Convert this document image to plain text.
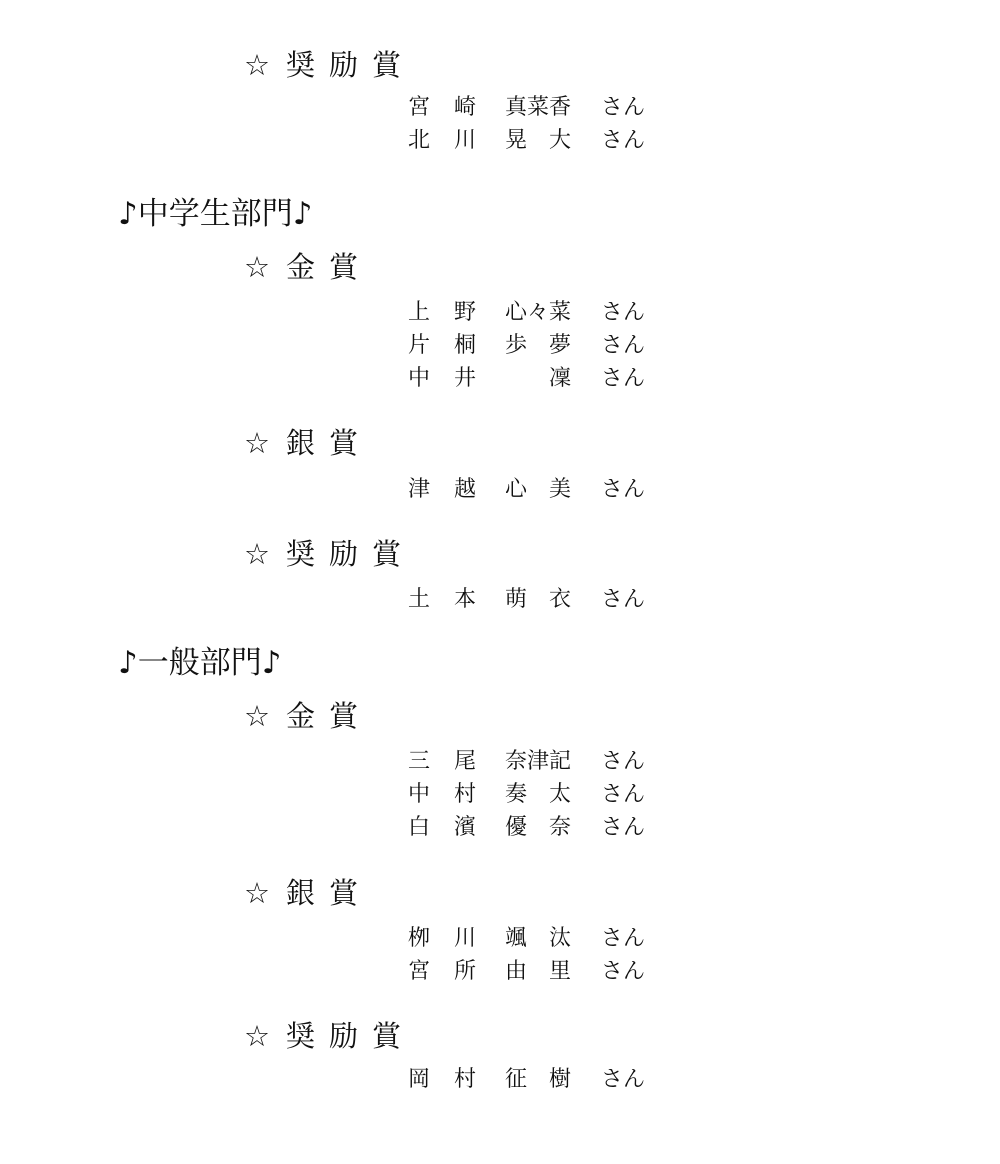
☆ 奨励賞
宮崎 真菜香 さん
北川 晃　大 さん
♪中学生部門♪
☆ 金賞
上野 心々菜 さん
片桐 歩　夢 さん
中井 　　凜 さん
☆ 銀賞
津越 心　美 さん
☆ 奨励賞
土本 萌　衣 さん
♪一般部門♪
☆ 金賞
三尾 奈津記 さん
中村 奏　太 さん
白濱 優　奈 さん
☆ 銀賞
栁川 颯　汰 さん
宮所 由　里 さん
☆ 奨励賞
岡村 征　樹 さん
